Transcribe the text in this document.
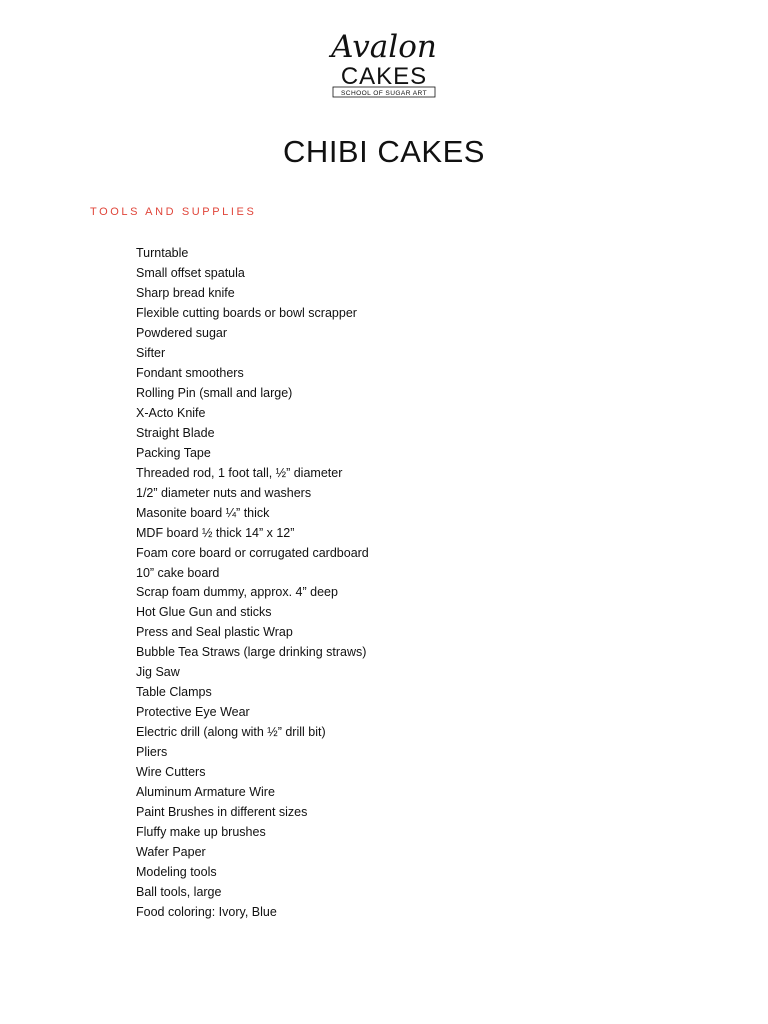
Avalon
CAKES
SCHOOL OF SUGAR ART
CHIBI CAKES
TOOLS AND SUPPLIES
Turntable
Small offset spatula
Sharp bread knife
Flexible cutting boards or bowl scrapper
Powdered sugar
Sifter
Fondant smoothers
Rolling Pin (small and large)
X-Acto Knife
Straight Blade
Packing Tape
Threaded rod, 1 foot tall, ½” diameter
1/2” diameter nuts and washers
Masonite board ¼” thick
MDF board ½ thick 14” x 12”
Foam core board or corrugated cardboard
10” cake board
Scrap foam dummy, approx. 4” deep
Hot Glue Gun and sticks
Press and Seal plastic Wrap
Bubble Tea Straws (large drinking straws)
Jig Saw
Table Clamps
Protective Eye Wear
Electric drill (along with ½” drill bit)
Pliers
Wire Cutters
Aluminum Armature Wire
Paint Brushes in different sizes
Fluffy make up brushes
Wafer Paper
Modeling tools
Ball tools, large
Food coloring: Ivory, Blue
